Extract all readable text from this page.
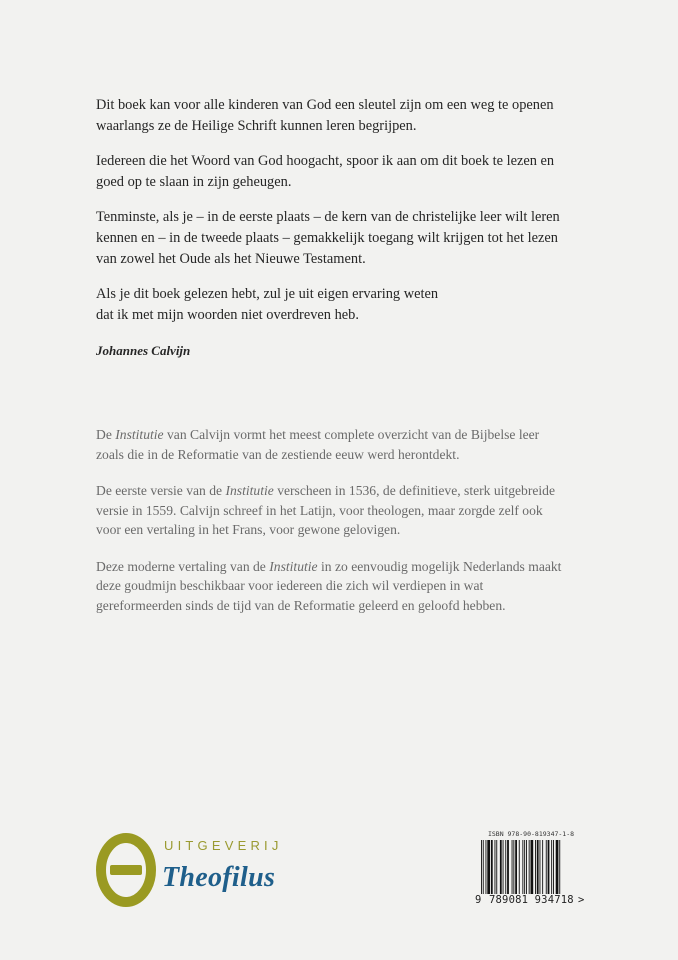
Dit boek kan voor alle kinderen van God een sleutel zijn om een weg te openen waarlangs ze de Heilige Schrift kunnen leren begrijpen.

Iedereen die het Woord van God hoogacht, spoor ik aan om dit boek te lezen en goed op te slaan in zijn geheugen.

Tenminste, als je – in de eerste plaats – de kern van de christelijke leer wilt leren kennen en – in de tweede plaats – gemakkelijk toegang wilt krijgen tot het lezen van zowel het Oude als het Nieuwe Testament.

Als je dit boek gelezen hebt, zul je uit eigen ervaring weten
dat ik met mijn woorden niet overdreven heb.

Johannes Calvijn

De Institutie van Calvijn vormt het meest complete overzicht van de Bijbelse leer zoals die in de Reformatie van de zestiende eeuw werd herontdekt.

De eerste versie van de Institutie verscheen in 1536, de definitieve, sterk uitgebreide versie in 1559. Calvijn schreef in het Latijn, voor theologen, maar zorgde zelf ook voor een vertaling in het Frans, voor gewone gelovigen.

Deze moderne vertaling van de Institutie in zo eenvoudig mogelijk Nederlands maakt deze goudmijn beschikbaar voor iedereen die zich wil verdiepen in wat gereformeerden sinds de tijd van de Reformatie geleerd en geloofd hebben.

UITGEVERIJ
Theofilus
ISBN 978-90-819347-1-8
9 789081 934718 >
